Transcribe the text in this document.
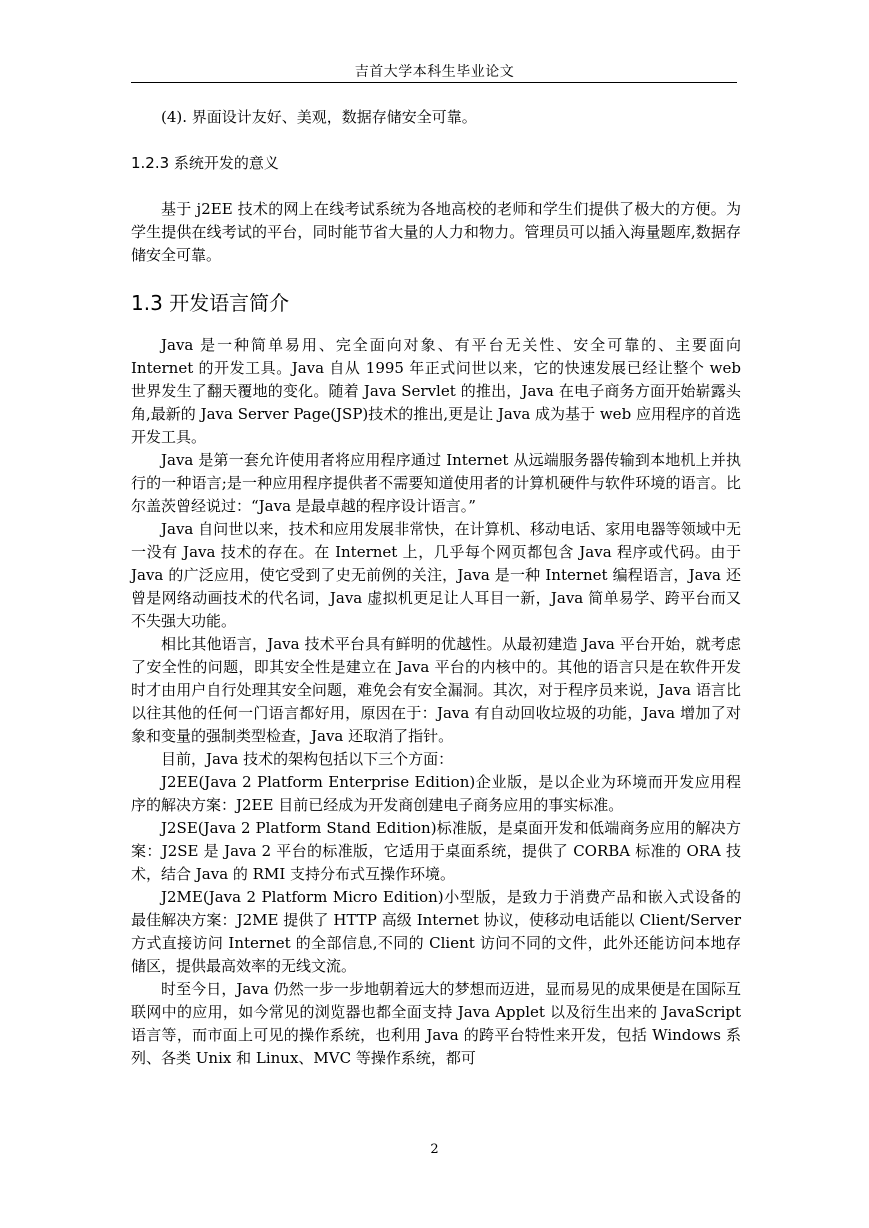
吉首大学本科生毕业论文

(4). 界面设计友好、美观，数据存储安全可靠。

1.2.3 系统开发的意义

基于 j2EE 技术的网上在线考试系统为各地高校的老师和学生们提供了极大的方便。为学生提供在线考试的平台，同时能节省大量的人力和物力。管理员可以插入海量题库,数据存储安全可靠。

1.3 开发语言简介

Java 是一种简单易用、完全面向对象、有平台无关性、安全可靠的、主要面向 Internet 的开发工具。Java 自从 1995 年正式问世以来，它的快速发展已经让整个 web 世界发生了翻天覆地的变化。随着 Java Servlet 的推出，Java 在电子商务方面开始崭露头角,最新的 Java Server Page(JSP)技术的推出,更是让 Java 成为基于 web 应用程序的首选开发工具。

Java 是第一套允许使用者将应用程序通过 Internet 从远端服务器传输到本地机上并执行的一种语言;是一种应用程序提供者不需要知道使用者的计算机硬件与软件环境的语言。比尔盖茨曾经说过：“Java 是最卓越的程序设计语言。”

Java 自问世以来，技术和应用发展非常快，在计算机、移动电话、家用电器等领域中无一没有 Java 技术的存在。在 Internet 上，几乎每个网页都包含 Java 程序或代码。由于 Java 的广泛应用，使它受到了史无前例的关注，Java 是一种 Internet 编程语言，Java 还曾是网络动画技术的代名词，Java 虚拟机更足让人耳目一新，Java 简单易学、跨平台而又不失强大功能。

相比其他语言，Java 技术平台具有鲜明的优越性。从最初建造 Java 平台开始，就考虑了安全性的问题，即其安全性是建立在 Java 平台的内核中的。其他的语言只是在软件开发时才由用户自行处理其安全问题，难免会有安全漏洞。其次，对于程序员来说，Java 语言比以往其他的任何一门语言都好用，原因在于：Java 有自动回收垃圾的功能，Java 增加了对象和变量的强制类型检查，Java 还取消了指针。

目前，Java 技术的架构包括以下三个方面：

J2EE(Java 2 Platform Enterprise Edition)企业版，是以企业为环境而开发应用程序的解决方案：J2EE 目前已经成为开发商创建电子商务应用的事实标准。

J2SE(Java 2 Platform Stand Edition)标准版，是桌面开发和低端商务应用的解决方案：J2SE 是 Java 2 平台的标准版，它适用于桌面系统，提供了 CORBA 标准的 ORA 技术，结合 Java 的 RMI 支持分布式互操作环境。

J2ME(Java 2 Platform Micro Edition)小型版，是致力于消费产品和嵌入式设备的最佳解决方案：J2ME 提供了 HTTP 高级 Internet 协议，使移动电话能以 Client/Server 方式直接访问 Internet 的全部信息,不同的 Client 访问不同的文件，此外还能访问本地存储区，提供最高效率的无线文流。

时至今日，Java 仍然一步一步地朝着远大的梦想而迈进，显而易见的成果便是在国际互联网中的应用，如今常见的浏览器也都全面支持 Java Applet 以及衍生出来的 JavaScript 语言等，而市面上可见的操作系统，也利用 Java 的跨平台特性来开发，包括 Windows 系列、各类 Unix 和 Linux、MVC 等操作系统，都可

2
